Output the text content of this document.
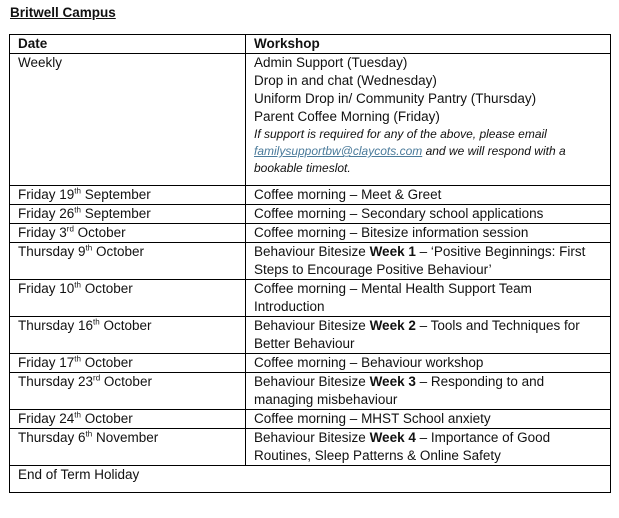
Britwell Campus
Date	Workshop
Weekly	Admin Support (Tuesday)
Drop in and chat (Wednesday)
Uniform Drop in/ Community Pantry (Thursday)
Parent Coffee Morning (Friday)
If support is required for any of the above, please email familysupportbw@claycots.com and we will respond with a bookable timeslot.

Friday 19th September	Coffee morning – Meet & Greet
Friday 26th September	Coffee morning – Secondary school applications
Friday 3rd October	Coffee morning – Bitesize information session
Thursday 9th October	Behaviour Bitesize Week 1 – ‘Positive Beginnings: First Steps to Encourage Positive Behaviour’
Friday 10th October	Coffee morning – Mental Health Support Team Introduction
Thursday 16th October	Behaviour Bitesize Week 2 – Tools and Techniques for Better Behaviour
Friday 17th October	Coffee morning – Behaviour workshop
Thursday 23rd October	Behaviour Bitesize Week 3 – Responding to and managing misbehaviour
Friday 24th October	Coffee morning – MHST School anxiety
Thursday 6th November	Behaviour Bitesize Week 4 – Importance of Good Routines, Sleep Patterns & Online Safety
End of Term Holiday	
